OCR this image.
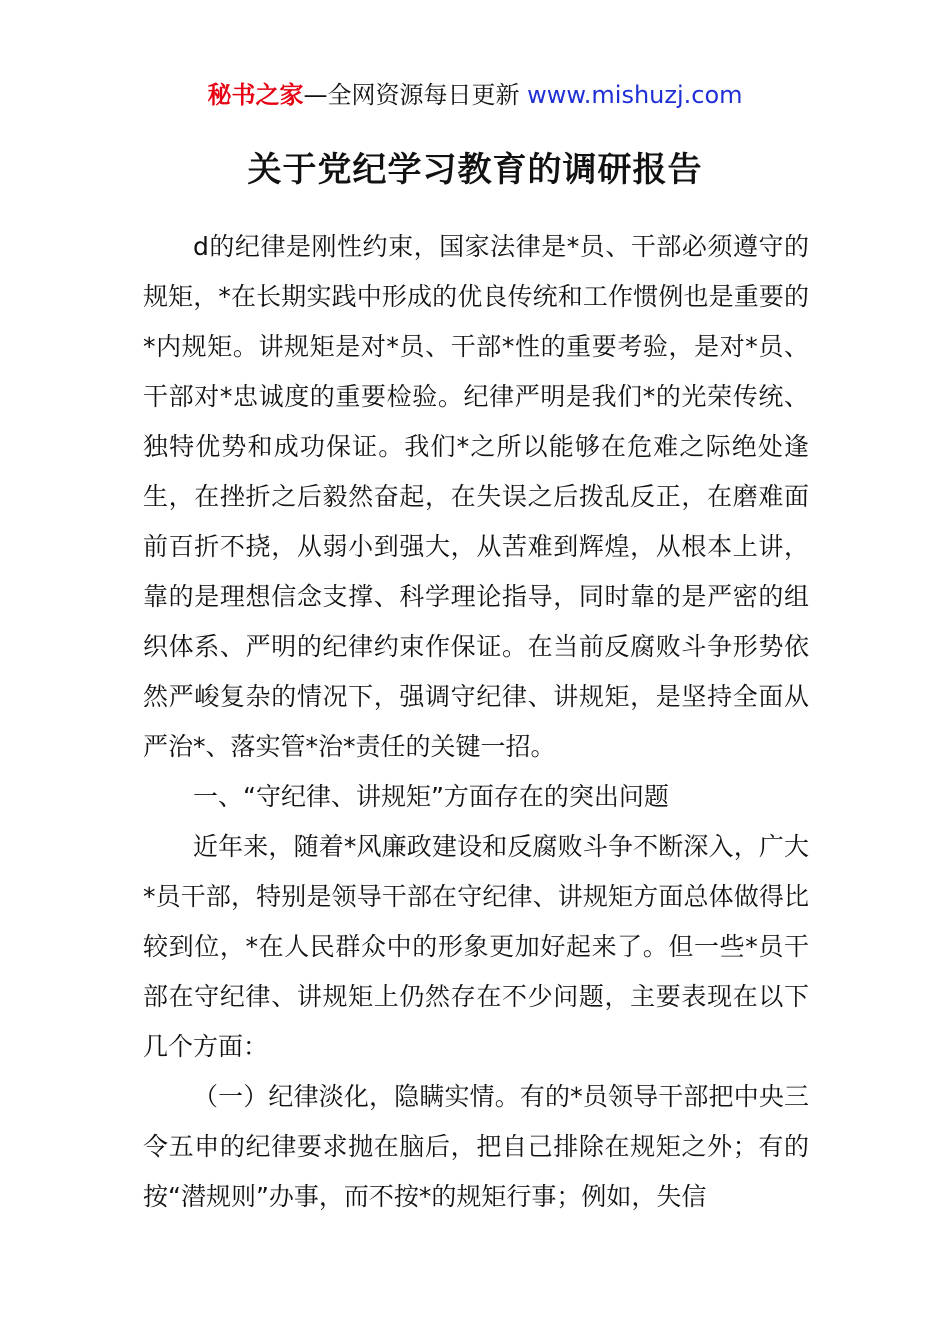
秘书之家—全网资源每日更新 www.mishuzj.com
关于党纪学习教育的调研报告

d的纪律是刚性约束，国家法律是*员、干部必须遵守的规矩，*在长期实践中形成的优良传统和工作惯例也是重要的*内规矩。讲规矩是对*员、干部*性的重要考验，是对*员、干部对*忠诚度的重要检验。纪律严明是我们*的光荣传统、独特优势和成功保证。我们*之所以能够在危难之际绝处逢生，在挫折之后毅然奋起，在失误之后拨乱反正，在磨难面前百折不挠，从弱小到强大，从苦难到辉煌，从根本上讲，靠的是理想信念支撑、科学理论指导，同时靠的是严密的组织体系、严明的纪律约束作保证。在当前反腐败斗争形势依然严峻复杂的情况下，强调守纪律、讲规矩，是坚持全面从严治*、落实管*治*责任的关键一招。

一、“守纪律、讲规矩”方面存在的突出问题

近年来，随着*风廉政建设和反腐败斗争不断深入，广大*员干部，特别是领导干部在守纪律、讲规矩方面总体做得比较到位，*在人民群众中的形象更加好起来了。但一些*员干部在守纪律、讲规矩上仍然存在不少问题，主要表现在以下几个方面：

（一）纪律淡化，隐瞒实情。有的*员领导干部把中央三令五申的纪律要求抛在脑后，把自己排除在规矩之外；有的按“潜规则”办事，而不按*的规矩行事；例如，失信
